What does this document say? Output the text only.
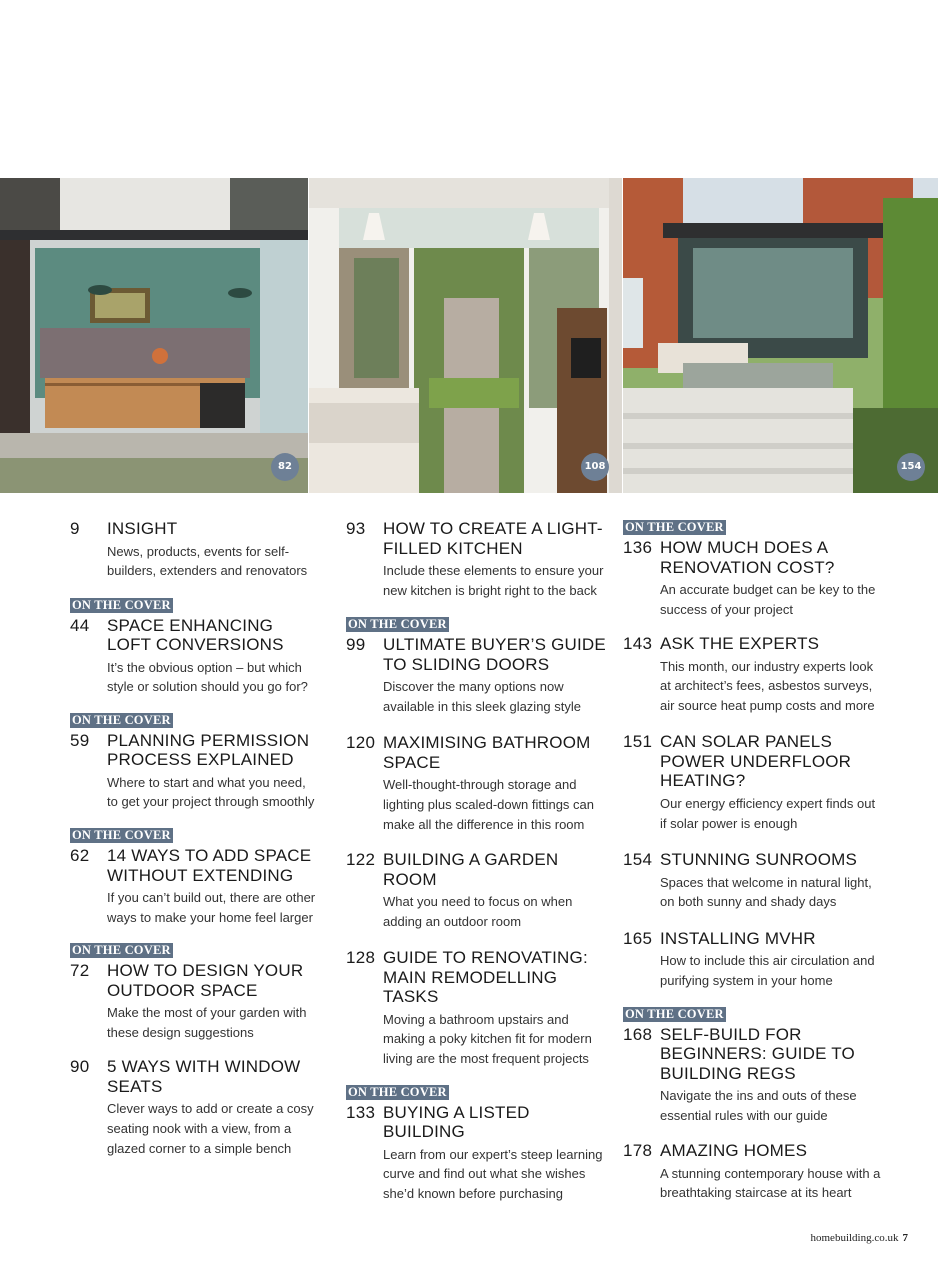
82	108	154
9	INSIGHT
News, products, events for self-builders, extenders and renovators
ON THE COVER
44	SPACE ENHANCING LOFT CONVERSIONS
It’s the obvious option – but which style or solution should you go for?
ON THE COVER
59	PLANNING PERMISSION PROCESS EXPLAINED
Where to start and what you need, to get your project through smoothly
ON THE COVER
62	14 WAYS TO ADD SPACE WITHOUT EXTENDING
If you can’t build out, there are other ways to make your home feel larger
ON THE COVER
72	HOW TO DESIGN YOUR OUTDOOR SPACE
Make the most of your garden with these design suggestions
90	5 WAYS WITH WINDOW SEATS
Clever ways to add or create a cosy seating nook with a view, from a glazed corner to a simple bench
93	HOW TO CREATE A LIGHT-FILLED KITCHEN
Include these elements to ensure your new kitchen is bright right to the back
ON THE COVER
99	ULTIMATE BUYER’S GUIDE TO SLIDING DOORS
Discover the many options now available in this sleek glazing style
120 MAXIMISING BATHROOM SPACE
Well-thought-through storage and lighting plus scaled-down fittings can make all the difference in this room
122 BUILDING A GARDEN ROOM
What you need to focus on when adding an outdoor room
128 GUIDE TO RENOVATING: MAIN REMODELLING TASKS
Moving a bathroom upstairs and making a poky kitchen fit for modern living are the most frequent projects
ON THE COVER
133 BUYING A LISTED BUILDING
Learn from our expert’s steep learning curve and find out what she wishes she’d known before purchasing
ON THE COVER
136 HOW MUCH DOES A RENOVATION COST?
An accurate budget can be key to the success of your project
143 ASK THE EXPERTS
This month, our industry experts look at architect’s fees, asbestos surveys, air source heat pump costs and more
151 CAN SOLAR PANELS POWER UNDERFLOOR HEATING?
Our energy efficiency expert finds out if solar power is enough
154 STUNNING SUNROOMS
Spaces that welcome in natural light, on both sunny and shady days
165 INSTALLING MVHR
How to include this air circulation and purifying system in your home
ON THE COVER
168 SELF-BUILD FOR BEGINNERS: GUIDE TO BUILDING REGS
Navigate the ins and outs of these essential rules with our guide
178 AMAZING HOMES
A stunning contemporary house with a breathtaking staircase at its heart
homebuilding.co.uk 7
